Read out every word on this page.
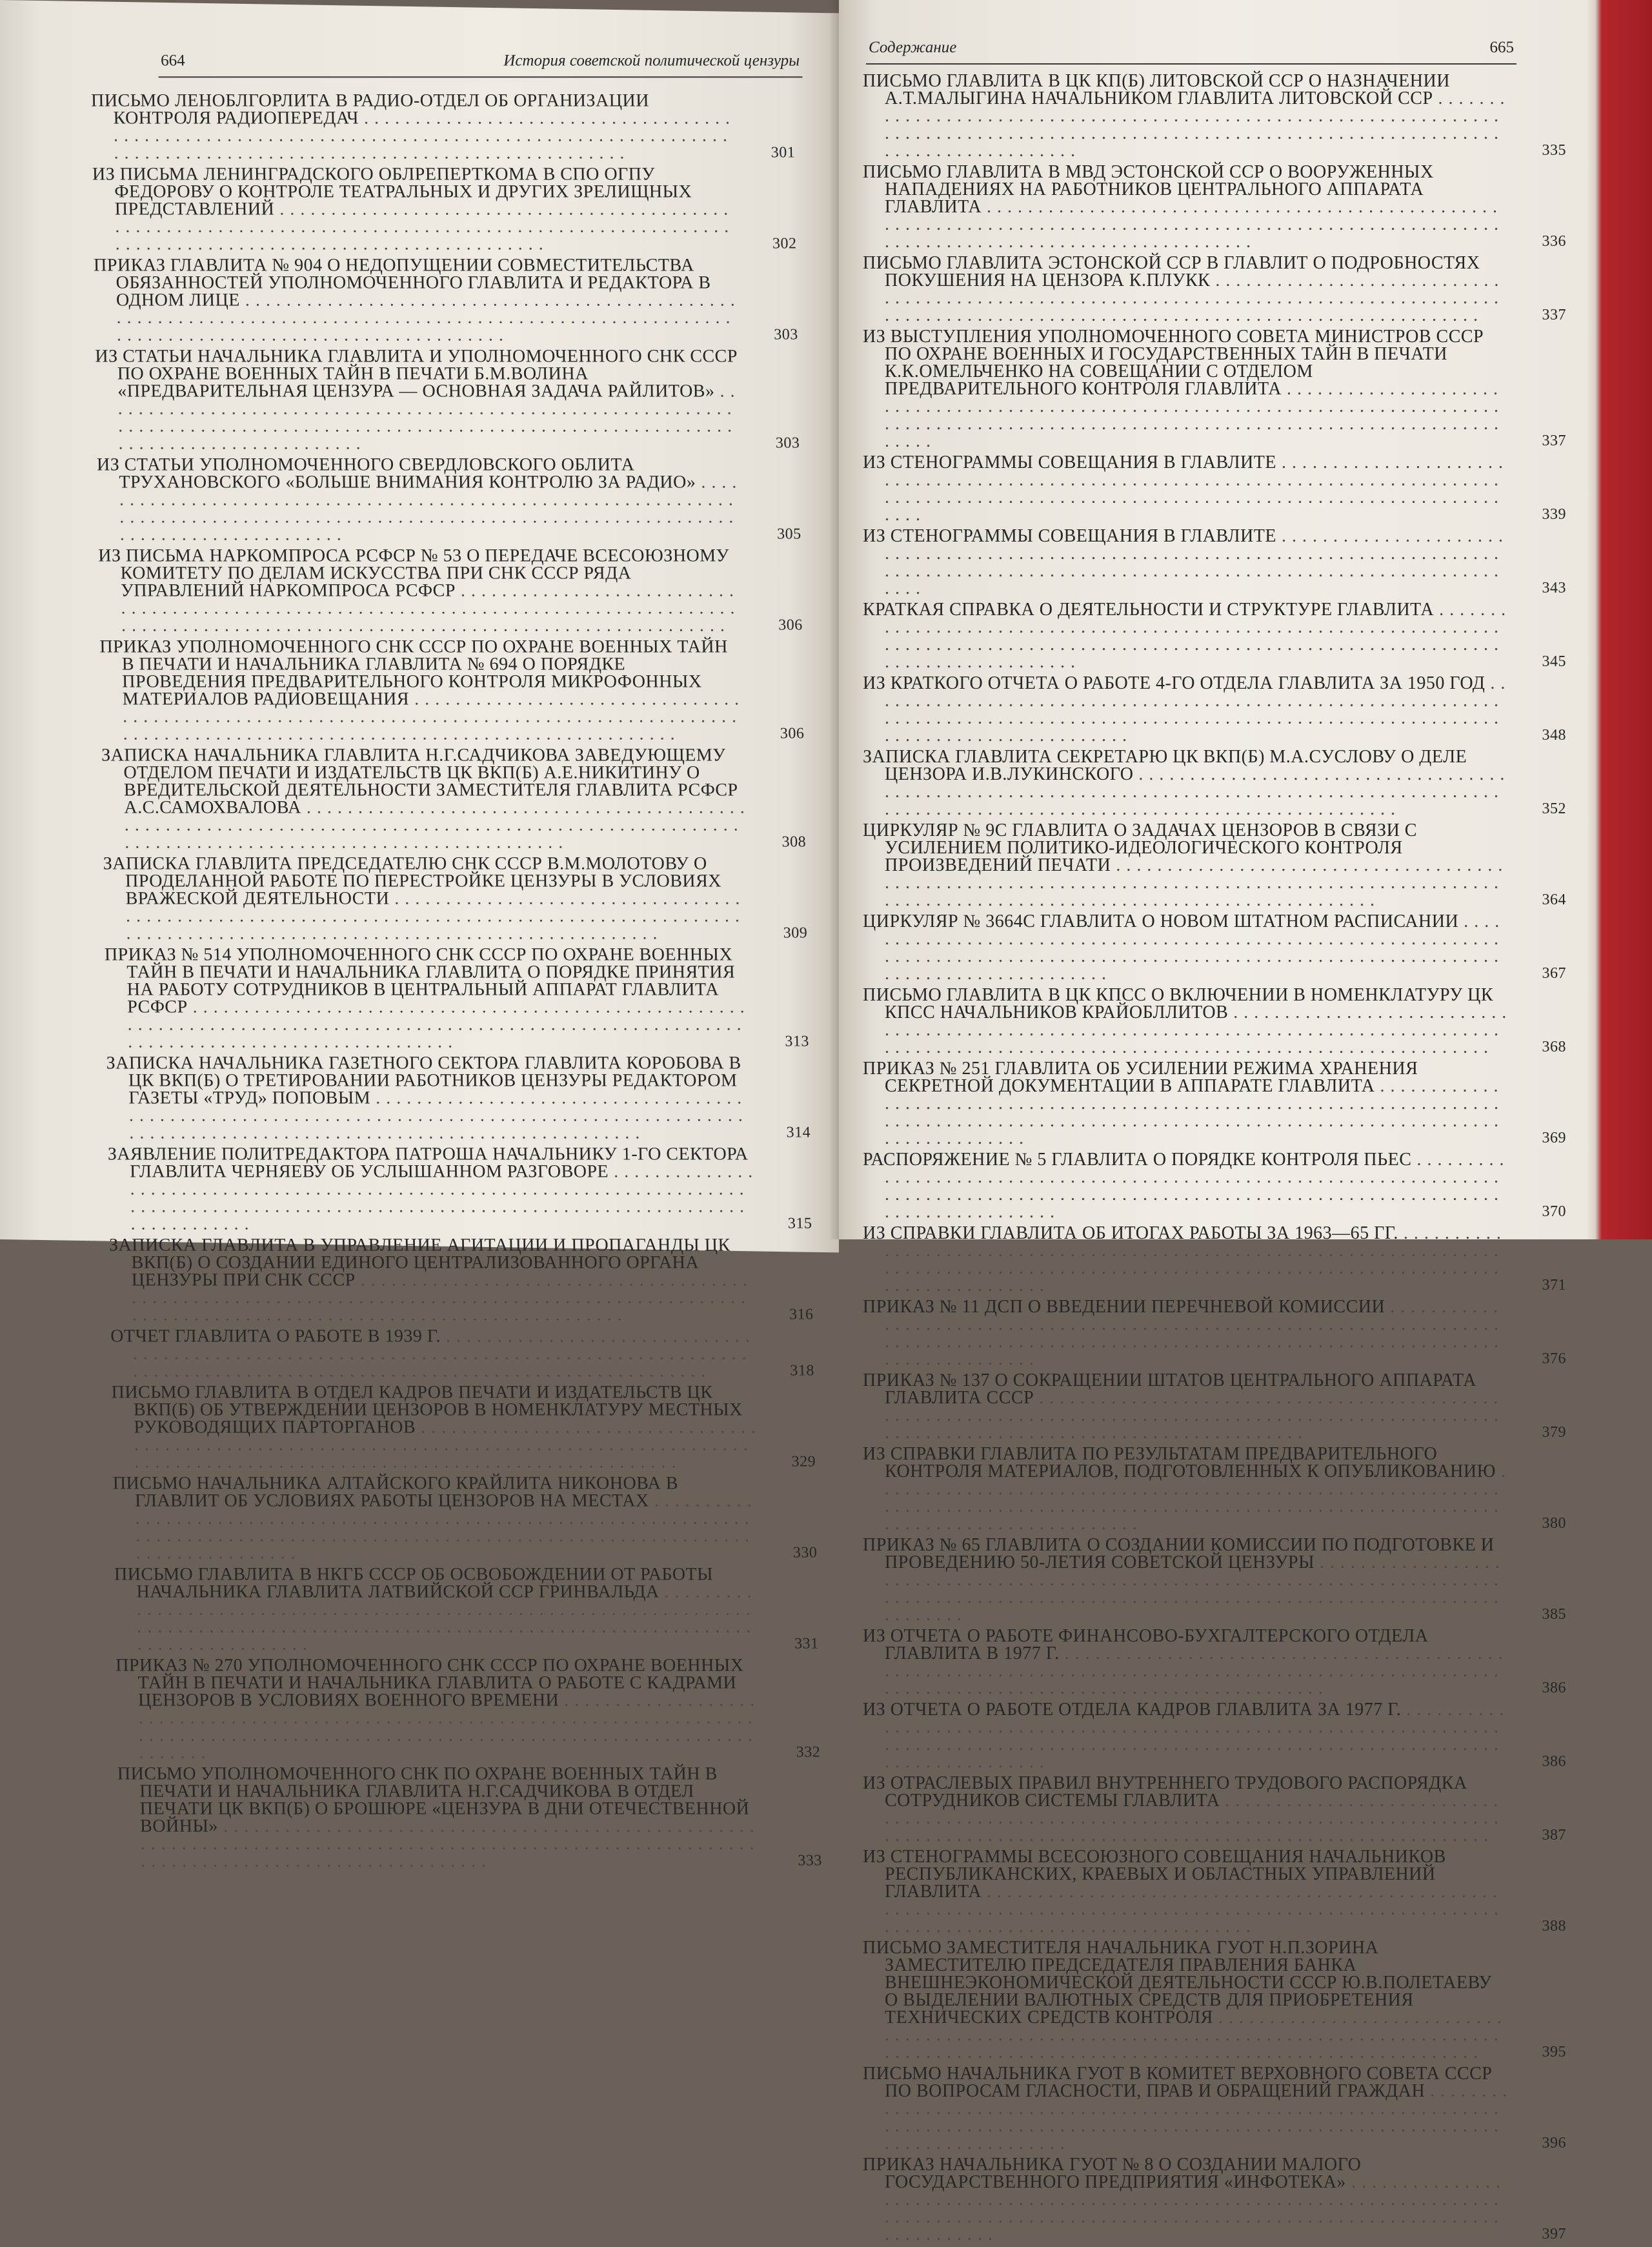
664	История советской политической цензуры
ПИСЬМО ЛЕНОБЛГОРЛИТА В РАДИО-ОТДЕЛ ОБ ОРГАНИЗАЦИИ КОНТРОЛЯ РАДИОПЕРЕДАЧ . . .
301
ИЗ ПИСЬМА ЛЕНИНГРАДСКОГО ОБЛРЕПЕРТКОМА В СПО ОГПУ ФЕДОРОВУ О КОНТРОЛЕ ТЕАТРАЛЬНЫХ И ДРУГИХ ЗРЕЛИЩНЫХ ПРЕДСТАВЛЕНИЙ . . .
302
ПРИКАЗ ГЛАВЛИТА № 904 О НЕДОПУЩЕНИИ СОВМЕСТИТЕЛЬСТВА ОБЯЗАННОСТЕЙ УПОЛНОМОЧЕННОГО ГЛАВЛИТА И РЕДАКТОРА В ОДНОМ ЛИЦЕ . . .
303
ИЗ СТАТЬИ НАЧАЛЬНИКА ГЛАВЛИТА И УПОЛНОМОЧЕННОГО СНК СССР ПО ОХРАНЕ ВОЕННЫХ ТАЙН В ПЕЧАТИ Б.М.ВОЛИНА «ПРЕДВАРИТЕЛЬНАЯ ЦЕНЗУРА — ОСНОВНАЯ ЗАДАЧА РАЙЛИТОВ» . . .
303
ИЗ СТАТЬИ УПОЛНОМОЧЕННОГО СВЕРДЛОВСКОГО ОБЛИТА ТРУХАНОВСКОГО «БОЛЬШЕ ВНИМАНИЯ КОНТРОЛЮ ЗА РАДИО» . . .
305
ИЗ ПИСЬМА НАРКОМПРОСА РСФСР № 53 О ПЕРЕДАЧЕ ВСЕСОЮЗНОМУ КОМИТЕТУ ПО ДЕЛАМ ИСКУССТВА ПРИ СНК СССР РЯДА УПРАВЛЕНИЙ НАРКОМПРОСА РСФСР . . .
306
ПРИКАЗ УПОЛНОМОЧЕННОГО СНК СССР ПО ОХРАНЕ ВОЕННЫХ ТАЙН В ПЕЧАТИ И НАЧАЛЬНИКА ГЛАВЛИТА № 694 О ПОРЯДКЕ ПРОВЕДЕНИЯ ПРЕДВАРИТЕЛЬНОГО КОНТРОЛЯ МИКРОФОННЫХ МАТЕРИАЛОВ РАДИОВЕЩАНИЯ . . .
306
ЗАПИСКА НАЧАЛЬНИКА ГЛАВЛИТА Н.Г.САДЧИКОВА ЗАВЕДУЮЩЕМУ ОТДЕЛОМ ПЕЧАТИ И ИЗДАТЕЛЬСТВ ЦК ВКП(Б) А.Е.НИКИТИНУ О ВРЕДИТЕЛЬСКОЙ ДЕЯТЕЛЬНОСТИ ЗАМЕСТИТЕЛЯ ГЛАВЛИТА РСФСР А.С.САМОХВАЛОВА . . .
308
ЗАПИСКА ГЛАВЛИТА ПРЕДСЕДАТЕЛЮ СНК СССР В.М.МОЛОТОВУ О ПРОДЕЛАННОЙ РАБОТЕ ПО ПЕРЕСТРОЙКЕ ЦЕНЗУРЫ В УСЛОВИЯХ ВРАЖЕСКОЙ ДЕЯТЕЛЬНОСТИ . . .
309
ПРИКАЗ № 514 УПОЛНОМОЧЕННОГО СНК СССР ПО ОХРАНЕ ВОЕННЫХ ТАЙН В ПЕЧАТИ И НАЧАЛЬНИКА ГЛАВЛИТА О ПОРЯДКЕ ПРИНЯТИЯ НА РАБОТУ СОТРУДНИКОВ В ЦЕНТРАЛЬНЫЙ АППАРАТ ГЛАВЛИТА РСФСР . . .
313
ЗАПИСКА НАЧАЛЬНИКА ГАЗЕТНОГО СЕКТОРА ГЛАВЛИТА КОРОБОВА В ЦК ВКП(Б) О ТРЕТИРОВАНИИ РАБОТНИКОВ ЦЕНЗУРЫ РЕДАКТОРОМ ГАЗЕТЫ «ТРУД» ПОПОВЫМ . . .
314
ЗАЯВЛЕНИЕ ПОЛИТРЕДАКТОРА ПАТРОША НАЧАЛЬНИКУ 1-ГО СЕКТОРА ГЛАВЛИТА ЧЕРНЯЕВУ ОБ УСЛЫШАННОМ РАЗГОВОРЕ . . .
315
ЗАПИСКА ГЛАВЛИТА В УПРАВЛЕНИЕ АГИТАЦИИ И ПРОПАГАНДЫ ЦК ВКП(Б) О СОЗДАНИИ ЕДИНОГО ЦЕНТРАЛИЗОВАННОГО ОРГАНА ЦЕНЗУРЫ ПРИ СНК СССР . . .
316
ОТЧЕТ ГЛАВЛИТА О РАБОТЕ В 1939 Г. . . .
318
ПИСЬМО ГЛАВЛИТА В ОТДЕЛ КАДРОВ ПЕЧАТИ И ИЗДАТЕЛЬСТВ ЦК ВКП(Б) ОБ УТВЕРЖДЕНИИ ЦЕНЗОРОВ В НОМЕНКЛАТУРУ МЕСТНЫХ РУКОВОДЯЩИХ ПАРТОРГАНОВ . . .
329
ПИСЬМО НАЧАЛЬНИКА АЛТАЙСКОГО КРАЙЛИТА НИКОНОВА В ГЛАВЛИТ ОБ УСЛОВИЯХ РАБОТЫ ЦЕНЗОРОВ НА МЕСТАХ . . .
330
ПИСЬМО ГЛАВЛИТА В НКГБ СССР ОБ ОСВОБОЖДЕНИИ ОТ РАБОТЫ НАЧАЛЬНИКА ГЛАВЛИТА ЛАТВИЙСКОЙ ССР ГРИНВАЛЬДА . . .
331
ПРИКАЗ № 270 УПОЛНОМОЧЕННОГО СНК СССР ПО ОХРАНЕ ВОЕННЫХ ТАЙН В ПЕЧАТИ И НАЧАЛЬНИКА ГЛАВЛИТА О РАБОТЕ С КАДРАМИ ЦЕНЗОРОВ В УСЛОВИЯХ ВОЕННОГО ВРЕМЕНИ . . .
332
ПИСЬМО УПОЛНОМОЧЕННОГО СНК ПО ОХРАНЕ ВОЕННЫХ ТАЙН В ПЕЧАТИ И НАЧАЛЬНИКА ГЛАВЛИТА Н.Г.САДЧИКОВА В ОТДЕЛ ПЕЧАТИ ЦК ВКП(Б) О БРОШЮРЕ «ЦЕНЗУРА В ДНИ ОТЕЧЕСТВЕННОЙ ВОЙНЫ» . . .
333
Содержание	665
ПИСЬМО ГЛАВЛИТА В ЦК КП(Б) ЛИТОВСКОЙ ССР О НАЗНАЧЕНИИ А.Т.МАЛЫГИНА НАЧАЛЬНИКОМ ГЛАВЛИТА ЛИТОВСКОЙ ССР . . .
335
ПИСЬМО ГЛАВЛИТА В МВД ЭСТОНСКОЙ ССР О ВООРУЖЕННЫХ НАПАДЕНИЯХ НА РАБОТНИКОВ ЦЕНТРАЛЬНОГО АППАРАТА ГЛАВЛИТА . . .
336
ПИСЬМО ГЛАВЛИТА ЭСТОНСКОЙ ССР В ГЛАВЛИТ О ПОДРОБНОСТЯХ ПОКУШЕНИЯ НА ЦЕНЗОРА К.ПЛУКК . . .
337
ИЗ ВЫСТУПЛЕНИЯ УПОЛНОМОЧЕННОГО СОВЕТА МИНИСТРОВ СССР ПО ОХРАНЕ ВОЕННЫХ И ГОСУДАРСТВЕННЫХ ТАЙН В ПЕЧАТИ К.К.ОМЕЛЬЧЕНКО НА СОВЕЩАНИИ С ОТДЕЛОМ ПРЕДВАРИТЕЛЬНОГО КОНТРОЛЯ ГЛАВЛИТА . . .
337
ИЗ СТЕНОГРАММЫ СОВЕЩАНИЯ В ГЛАВЛИТЕ . . .
339
ИЗ СТЕНОГРАММЫ СОВЕЩАНИЯ В ГЛАВЛИТЕ . . .
343
КРАТКАЯ СПРАВКА О ДЕЯТЕЛЬНОСТИ И СТРУКТУРЕ ГЛАВЛИТА . . .
345
ИЗ КРАТКОГО ОТЧЕТА О РАБОТЕ 4-ГО ОТДЕЛА ГЛАВЛИТА ЗА 1950 ГОД . . .
348
ЗАПИСКА ГЛАВЛИТА СЕКРЕТАРЮ ЦК ВКП(Б) М.А.СУСЛОВУ О ДЕЛЕ ЦЕНЗОРА И.В.ЛУКИНСКОГО . . .
352
ЦИРКУЛЯР № 9С ГЛАВЛИТА О ЗАДАЧАХ ЦЕНЗОРОВ В СВЯЗИ С УСИЛЕНИЕМ ПОЛИТИКО-ИДЕОЛОГИЧЕСКОГО КОНТРОЛЯ ПРОИЗВЕДЕНИЙ ПЕЧАТИ . . .
364
ЦИРКУЛЯР № 3664С ГЛАВЛИТА О НОВОМ ШТАТНОМ РАСПИСАНИИ . . .
367
ПИСЬМО ГЛАВЛИТА В ЦК КПСС О ВКЛЮЧЕНИИ В НОМЕНКЛАТУРУ ЦК КПСС НАЧАЛЬНИКОВ КРАЙОБЛЛИТОВ . . .
368
ПРИКАЗ № 251 ГЛАВЛИТА ОБ УСИЛЕНИИ РЕЖИМА ХРАНЕНИЯ СЕКРЕТНОЙ ДОКУМЕНТАЦИИ В АППАРАТЕ ГЛАВЛИТА . . .
369
РАСПОРЯЖЕНИЕ № 5 ГЛАВЛИТА О ПОРЯДКЕ КОНТРОЛЯ ПЬЕС . . .
370
ИЗ СПРАВКИ ГЛАВЛИТА ОБ ИТОГАХ РАБОТЫ ЗА 1963—65 ГГ. . . .
371
ПРИКАЗ № 11 ДСП О ВВЕДЕНИИ ПЕРЕЧНЕВОЙ КОМИССИИ . . .
376
ПРИКАЗ № 137 О СОКРАЩЕНИИ ШТАТОВ ЦЕНТРАЛЬНОГО АППАРАТА ГЛАВЛИТА СССР . . .
379
ИЗ СПРАВКИ ГЛАВЛИТА ПО РЕЗУЛЬТАТАМ ПРЕДВАРИТЕЛЬНОГО КОНТРОЛЯ МАТЕРИАЛОВ, ПОДГОТОВЛЕННЫХ К ОПУБЛИКОВАНИЮ . . .
380
ПРИКАЗ № 65 ГЛАВЛИТА О СОЗДАНИИ КОМИССИИ ПО ПОДГОТОВКЕ И ПРОВЕДЕНИЮ 50-ЛЕТИЯ СОВЕТСКОЙ ЦЕНЗУРЫ . . .
385
ИЗ ОТЧЕТА О РАБОТЕ ФИНАНСОВО-БУХГАЛТЕРСКОГО ОТДЕЛА ГЛАВЛИТА В 1977 Г. . . .
386
ИЗ ОТЧЕТА О РАБОТЕ ОТДЕЛА КАДРОВ ГЛАВЛИТА ЗА 1977 Г. . . .
386
ИЗ ОТРАСЛЕВЫХ ПРАВИЛ ВНУТРЕННЕГО ТРУДОВОГО РАСПОРЯДКА СОТРУДНИКОВ СИСТЕМЫ ГЛАВЛИТА . . .
387
ИЗ СТЕНОГРАММЫ ВСЕСОЮЗНОГО СОВЕЩАНИЯ НАЧАЛЬНИКОВ РЕСПУБЛИКАНСКИХ, КРАЕВЫХ И ОБЛАСТНЫХ УПРАВЛЕНИЙ ГЛАВЛИТА . . .
388
ПИСЬМО ЗАМЕСТИТЕЛЯ НАЧАЛЬНИКА ГУОТ Н.П.ЗОРИНА ЗАМЕСТИТЕЛЮ ПРЕДСЕДАТЕЛЯ ПРАВЛЕНИЯ БАНКА ВНЕШНЕЭКОНОМИЧЕСКОЙ ДЕЯТЕЛЬНОСТИ СССР Ю.В.ПОЛЕТАЕВУ О ВЫДЕЛЕНИИ ВАЛЮТНЫХ СРЕДСТВ ДЛЯ ПРИОБРЕТЕНИЯ ТЕХНИЧЕСКИХ СРЕДСТВ КОНТРОЛЯ . . .
395
ПИСЬМО НАЧАЛЬНИКА ГУОТ В КОМИТЕТ ВЕРХОВНОГО СОВЕТА СССР ПО ВОПРОСАМ ГЛАСНОСТИ, ПРАВ И ОБРАЩЕНИЙ ГРАЖДАН . . .
396
ПРИКАЗ НАЧАЛЬНИКА ГУОТ № 8 О СОЗДАНИИ МАЛОГО ГОСУДАРСТВЕННОГО ПРЕДПРИЯТИЯ «ИНФОТЕКА» . . .
397
